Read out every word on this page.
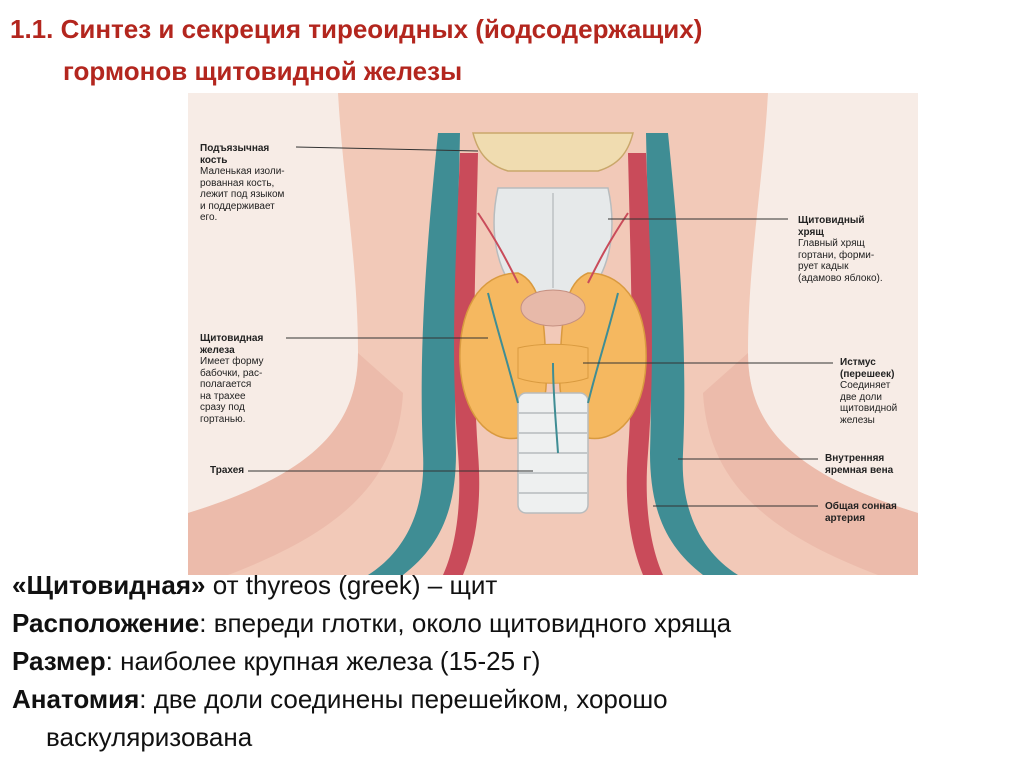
1.1. Синтез и секреция тиреоидных (йодсодержащих)
гормонов щитовидной железы
Подъязычная
кость
Маленькая изоли-
рованная кость,
лежит под языком
и поддерживает
его.	Щитовидный
хрящ
Главный хрящ
гортани, форми-
рует кадык
(адамово яблоко).
Щитовидная
железа
Имеет форму
бабочки, рас-
полагается
на трахее
сразу под
гортанью.
Истмус
(перешеек)
Соединяет
две доли
щитовидной
железы
Трахея
Внутренняя
яремная вена
Общая сонная
артерия
«Щитовидная» от thyreos (greek) – щит
Расположение: впереди глотки, около щитовидного хряща
Размер: наиболее крупная железа (15-25 г)
Анатомия: две доли соединены перешейком, хорошо
васкуляризована
